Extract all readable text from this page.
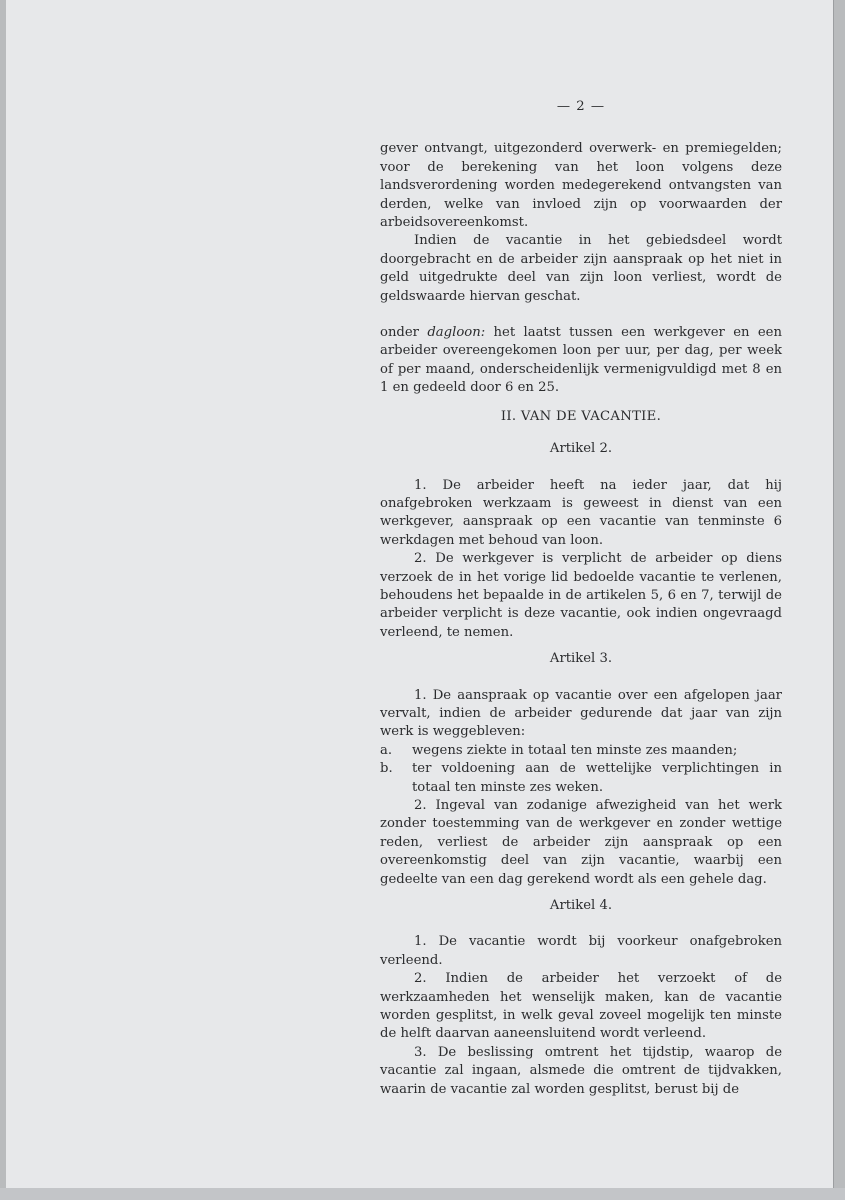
— 2 —

gever ontvangt, uitgezonderd overwerk- en premiegelden; voor de berekening van het loon volgens deze landsverordening worden medegerekend ontvangsten van derden, welke van invloed zijn op voorwaarden der arbeidsovereenkomst.

Indien de vacantie in het gebiedsdeel wordt doorgebracht en de arbeider zijn aanspraak op het niet in geld uitgedrukte deel van zijn loon verliest, wordt de geldswaarde hiervan geschat.

onder dagloon: het laatst tussen een werkgever en een arbeider overeengekomen loon per uur, per dag, per week of per maand, onderscheidenlijk vermenigvuldigd met 8 en 1 en gedeeld door 6 en 25.

II. VAN DE VACANTIE.

Artikel 2.

1. De arbeider heeft na ieder jaar, dat hij onafgebroken werkzaam is geweest in dienst van een werkgever, aanspraak op een vacantie van tenminste 6 werkdagen met behoud van loon.

2. De werkgever is verplicht de arbeider op diens verzoek de in het vorige lid bedoelde vacantie te verlenen, behoudens het bepaalde in de artikelen 5, 6 en 7, terwijl de arbeider verplicht is deze vacantie, ook indien ongevraagd verleend, te nemen.

Artikel 3.

1. De aanspraak op vacantie over een afgelopen jaar vervalt, indien de arbeider gedurende dat jaar van zijn werk is weggebleven:

a.	wegens ziekte in totaal ten minste zes maanden;
b.	ter voldoening aan de wettelijke verplichtingen in totaal ten minste zes weken.

2. Ingeval van zodanige afwezigheid van het werk zonder toestemming van de werkgever en zonder wettige reden, verliest de arbeider zijn aanspraak op een overeenkomstig deel van zijn vacantie, waarbij een gedeelte van een dag gerekend wordt als een gehele dag.

Artikel 4.

1. De vacantie wordt bij voorkeur onafgebroken verleend.

2. Indien de arbeider het verzoekt of de werkzaamheden het wenselijk maken, kan de vacantie worden gesplitst, in welk geval zoveel mogelijk ten minste de helft daarvan aaneensluitend wordt verleend.

3. De beslissing omtrent het tijdstip, waarop de vacantie zal ingaan, alsmede die omtrent de tijdvakken, waarin de vacantie zal worden gesplitst, berust bij de
